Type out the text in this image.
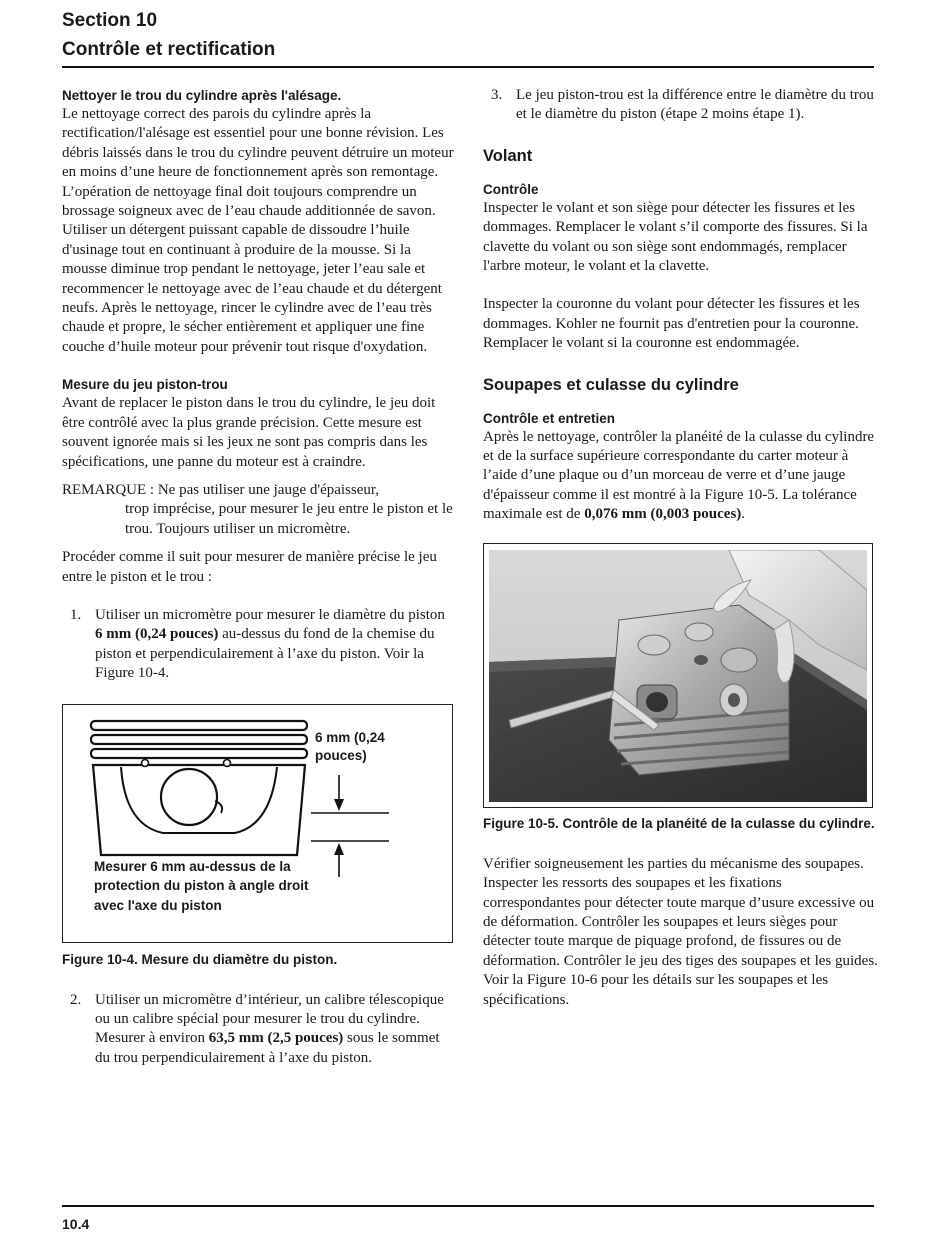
Section 10
Contrôle et rectification
Nettoyer le trou du cylindre après l'alésage.

Le nettoyage correct des parois du cylindre après la rectification/l'alésage est essentiel pour une bonne révision. Les débris laissés dans le trou du cylindre peuvent détruire un moteur en moins d’une heure de fonctionnement après son remontage.

L’opération de nettoyage final doit toujours comprendre un brossage soigneux avec de l’eau chaude additionnée de savon. Utiliser un détergent puissant capable de dissoudre l’huile d'usinage tout en continuant à produire de la mousse. Si la mousse diminue trop pendant le nettoyage, jeter l’eau sale et recommencer le nettoyage avec de l’eau chaude et du détergent neufs. Après le nettoyage, rincer le cylindre avec de l’eau très chaude et propre, le sécher entièrement et appliquer une fine couche d’huile moteur pour prévenir tout risque d'oxydation.

Mesure du jeu piston-trou

Avant de replacer le piston dans le trou du cylindre, le jeu doit être contrôlé avec la plus grande précision. Cette mesure est souvent ignorée mais si les jeux ne sont pas compris dans les spécifications, une panne du moteur est à craindre.

REMARQUE : Ne pas utiliser une jauge d'épaisseur,
trop imprécise, pour mesurer le jeu entre le piston et le trou. Toujours utiliser un micromètre.

Procéder comme il suit pour mesurer de manière précise le jeu entre le piston et le trou :

1. Utiliser un micromètre pour mesurer le diamètre du piston 6 mm (0,24 pouces) au-dessus du fond de la chemise du piston et perpendiculairement à l’axe du piston. Voir la Figure 10-4.
6 mm (0,24 pouces)
Mesurer 6 mm au-dessus de la protection du piston à angle droit avec l'axe du piston
Figure 10-4. Mesure du diamètre du piston.
2. Utiliser un micromètre d’intérieur, un calibre télescopique ou un calibre spécial pour mesurer le trou du cylindre. Mesurer à environ 63,5 mm (2,5 pouces) sous le sommet du trou perpendiculairement à l’axe du piston.
3. Le jeu piston-trou est la différence entre le diamètre du trou et le diamètre du piston (étape 2 moins étape 1).
Volant
Contrôle

Inspecter le volant et son siège pour détecter les fissures et les dommages. Remplacer le volant s’il comporte des fissures. Si la clavette du volant ou son siège sont endommagés, remplacer l'arbre moteur, le volant et la clavette.

Inspecter la couronne du volant pour détecter les fissures et les dommages. Kohler ne fournit pas d'entretien pour la couronne. Remplacer le volant si la couronne est endommagée.

Soupapes et culasse du cylindre
Contrôle et entretien

Après le nettoyage, contrôler la planéité de la culasse du cylindre et de la surface supérieure correspondante du carter moteur à l’aide d’une plaque ou d’un morceau de verre et d’une jauge d'épaisseur comme il est montré à la Figure 10-5. La tolérance maximale est de 0,076 mm (0,003 pouces).

Figure 10-5. Contrôle de la planéité de la culasse du cylindre.

Vérifier soigneusement les parties du mécanisme des soupapes. Inspecter les ressorts des soupapes et les fixations correspondantes pour détecter toute marque d’usure excessive ou de déformation. Contrôler les soupapes et leurs sièges pour détecter toute marque de piquage profond, de fissures ou de déformation. Contrôler le jeu des tiges des soupapes et les guides. Voir la Figure 10-6 pour les détails sur les soupapes et les spécifications.

10.4
